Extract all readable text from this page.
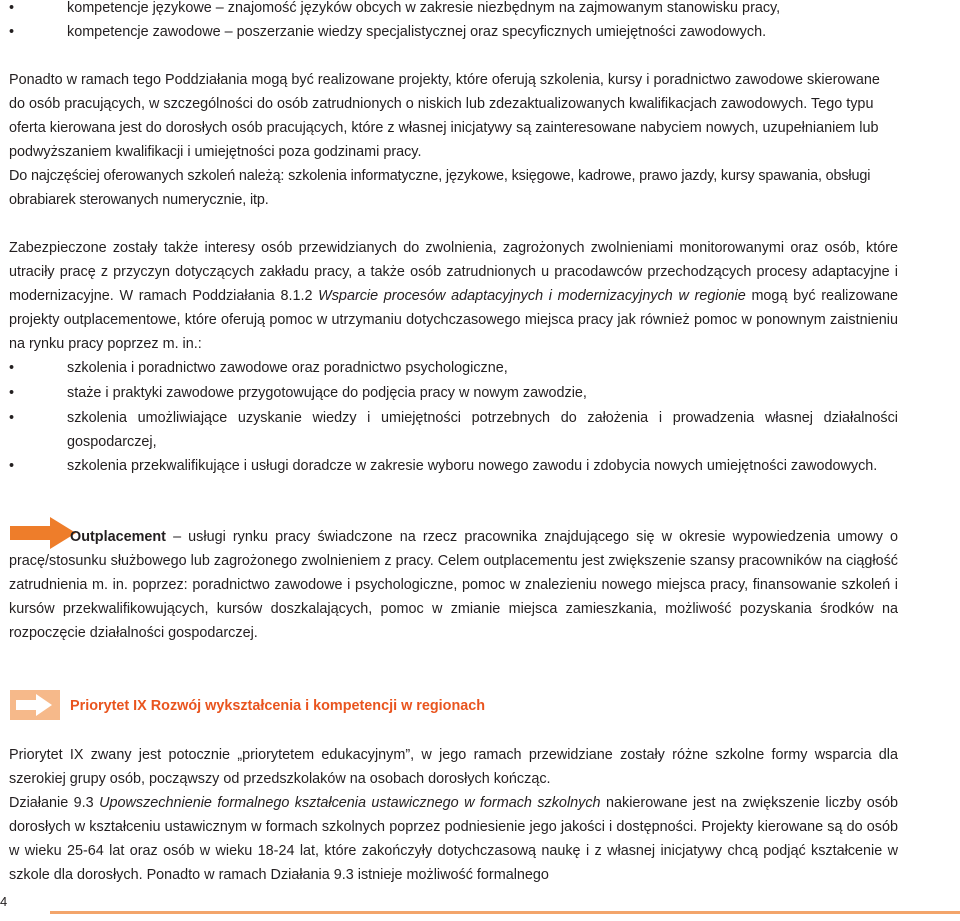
•	kompetencje językowe – znajomość języków obcych w zakresie niezbędnym na zajmowanym stanowisku pracy,
•	kompetencje zawodowe – poszerzanie wiedzy specjalistycznej oraz specyficznych umiejętności zawodowych.
Ponadto w ramach tego Poddziałania mogą być realizowane projekty, które oferują szkolenia, kursy i poradnictwo zawodowe skierowane do osób pracujących, w szczególności do osób zatrudnionych o niskich lub zdezaktualizowanych kwalifikacjach zawodowych. Tego typu oferta kierowana jest do dorosłych osób pracujących, które z własnej inicjatywy są zainteresowane nabyciem nowych, uzupełnianiem lub podwyższaniem kwalifikacji i umiejętności poza godzinami pracy.
Do najczęściej oferowanych szkoleń należą: szkolenia informatyczne, językowe, księgowe, kadrowe, prawo jazdy, kursy spawania, obsługi obrabiarek sterowanych numerycznie, itp.
Zabezpieczone zostały także interesy osób przewidzianych do zwolnienia, zagrożonych zwolnieniami monitorowanymi oraz osób, które utraciły pracę z przyczyn dotyczących zakładu pracy, a także osób zatrudnionych u pracodawców przechodzących procesy adaptacyjne i modernizacyjne. W ramach Poddziałania 8.1.2 Wsparcie procesów adaptacyjnych i modernizacyjnych w regionie mogą być realizowane projekty outplacementowe, które oferują pomoc w utrzymaniu dotychczasowego miejsca pracy jak również pomoc w ponownym zaistnieniu na rynku pracy poprzez m. in.:
•	szkolenia i poradnictwo zawodowe oraz poradnictwo psychologiczne,
•	staże i praktyki zawodowe przygotowujące do podjęcia pracy w nowym zawodzie,
•	szkolenia umożliwiające uzyskanie wiedzy i umiejętności potrzebnych do założenia i prowadzenia własnej działalności gospodarczej,
•	szkolenia przekwalifikujące i usługi doradcze w zakresie wyboru nowego zawodu i zdobycia nowych umiejętności zawodowych.
Outplacement – usługi rynku pracy świadczone na rzecz pracownika znajdującego się w okresie wypowiedzenia umowy o pracę/stosunku służbowego lub zagrożonego zwolnieniem z pracy. Celem outplacementu jest zwiększenie szansy pracowników na ciągłość zatrudnienia m. in. poprzez: poradnictwo zawodowe i psychologiczne, pomoc w znalezieniu nowego miejsca pracy, finansowanie szkoleń i kursów przekwalifikowujących, kursów doszkalających, pomoc w zmianie miejsca zamieszkania, możliwość pozyskania środków na rozpoczęcie działalności gospodarczej.
Priorytet IX Rozwój wykształcenia i kompetencji w regionach
Priorytet IX zwany jest potocznie „priorytetem edukacyjnym”, w jego ramach przewidziane zostały różne szkolne formy wsparcia dla szerokiej grupy osób, począwszy od przedszkolaków na osobach dorosłych kończąc.
Działanie 9.3 Upowszechnienie formalnego kształcenia ustawicznego w formach szkolnych nakierowane jest na zwiększenie liczby osób dorosłych w kształceniu ustawicznym w formach szkolnych poprzez podniesienie jego jakości i dostępności. Projekty kierowane są do osób w wieku 25-64 lat oraz osób w wieku 18-24 lat, które zakończyły dotychczasową naukę i z własnej inicjatywy chcą podjąć kształcenie w szkole dla dorosłych. Ponadto w ramach Działania 9.3 istnieje możliwość formalnego
4
